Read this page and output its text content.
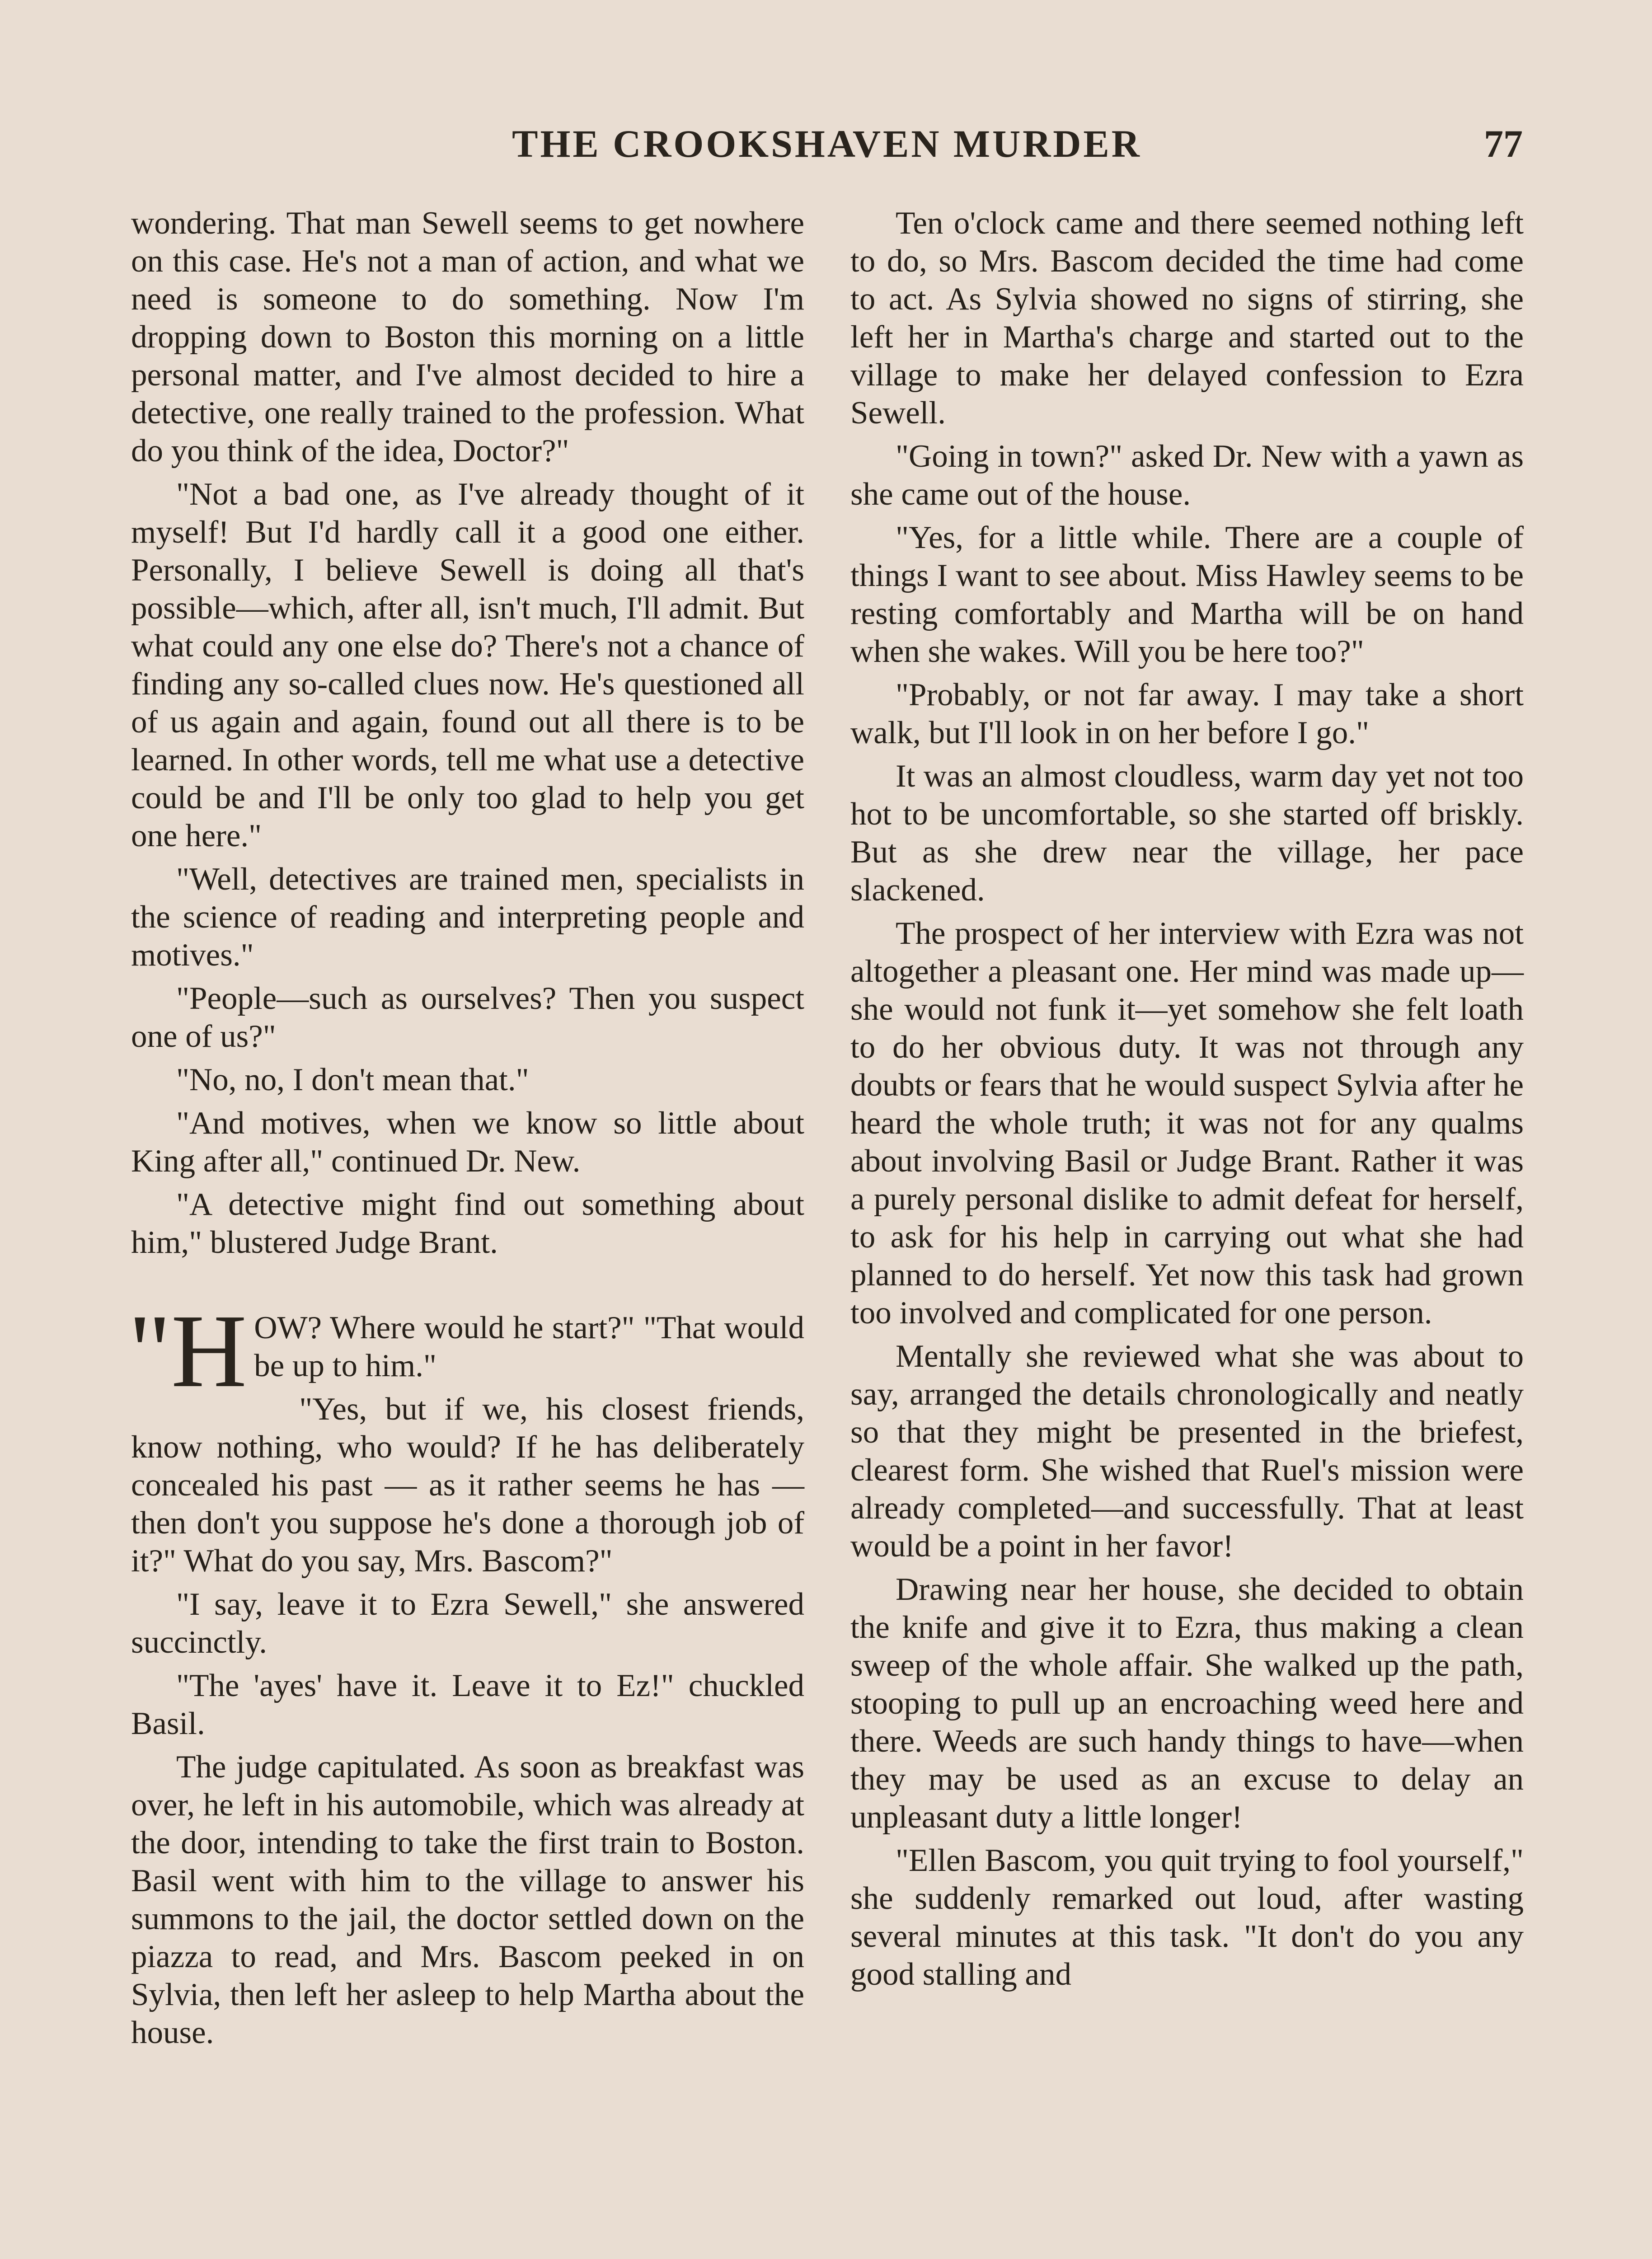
THE CROOKSHAVEN MURDER	77

wondering. That man Sewell seems to get nowhere on this case. He's not a man of action, and what we need is someone to do something. Now I'm dropping down to Boston this morning on a little personal matter, and I've almost decided to hire a detective, one really trained to the profession. What do you think of the idea, Doctor?"

"Not a bad one, as I've already thought of it myself! But I'd hardly call it a good one either. Personally, I believe Sewell is doing all that's possible—which, after all, isn't much, I'll admit. But what could any one else do? There's not a chance of finding any so-called clues now. He's questioned all of us again and again, found out all there is to be learned. In other words, tell me what use a detective could be and I'll be only too glad to help you get one here."

"Well, detectives are trained men, specialists in the science of reading and interpreting people and motives."

"People—such as ourselves? Then you suspect one of us?"

"No, no, I don't mean that."

"And motives, when we know so little about King after all," continued Dr. New.

"A detective might find out something about him," blustered Judge Brant.

"HOW? Where would he start?" "That would be up to him."

"Yes, but if we, his closest friends, know nothing, who would? If he has deliberately concealed his past — as it rather seems he has — then don't you suppose he's done a thorough job of it?" What do you say, Mrs. Bascom?"

"I say, leave it to Ezra Sewell," she answered succinctly.

"The 'ayes' have it. Leave it to Ez!" chuckled Basil.

The judge capitulated. As soon as breakfast was over, he left in his automobile, which was already at the door, intending to take the first train to Boston. Basil went with him to the village to answer his summons to the jail, the doctor settled down on the piazza to read, and Mrs. Bascom peeked in on Sylvia, then left her asleep to help Martha about the house.

Ten o'clock came and there seemed nothing left to do, so Mrs. Bascom decided the time had come to act. As Sylvia showed no signs of stirring, she left her in Martha's charge and started out to the village to make her delayed confession to Ezra Sewell.

"Going in town?" asked Dr. New with a yawn as she came out of the house.

"Yes, for a little while. There are a couple of things I want to see about. Miss Hawley seems to be resting comfortably and Martha will be on hand when she wakes. Will you be here too?"

"Probably, or not far away. I may take a short walk, but I'll look in on her before I go."

It was an almost cloudless, warm day yet not too hot to be uncomfortable, so she started off briskly. But as she drew near the village, her pace slackened.

The prospect of her interview with Ezra was not altogether a pleasant one. Her mind was made up—she would not funk it—yet somehow she felt loath to do her obvious duty. It was not through any doubts or fears that he would suspect Sylvia after he heard the whole truth; it was not for any qualms about involving Basil or Judge Brant. Rather it was a purely personal dislike to admit defeat for herself, to ask for his help in carrying out what she had planned to do herself. Yet now this task had grown too involved and complicated for one person.

Mentally she reviewed what she was about to say, arranged the details chronologically and neatly so that they might be presented in the briefest, clearest form. She wished that Ruel's mission were already completed—and successfully. That at least would be a point in her favor!

Drawing near her house, she decided to obtain the knife and give it to Ezra, thus making a clean sweep of the whole affair. She walked up the path, stooping to pull up an encroaching weed here and there. Weeds are such handy things to have—when they may be used as an excuse to delay an unpleasant duty a little longer!

"Ellen Bascom, you quit trying to fool yourself," she suddenly remarked out loud, after wasting several minutes at this task. "It don't do you any good stalling and
